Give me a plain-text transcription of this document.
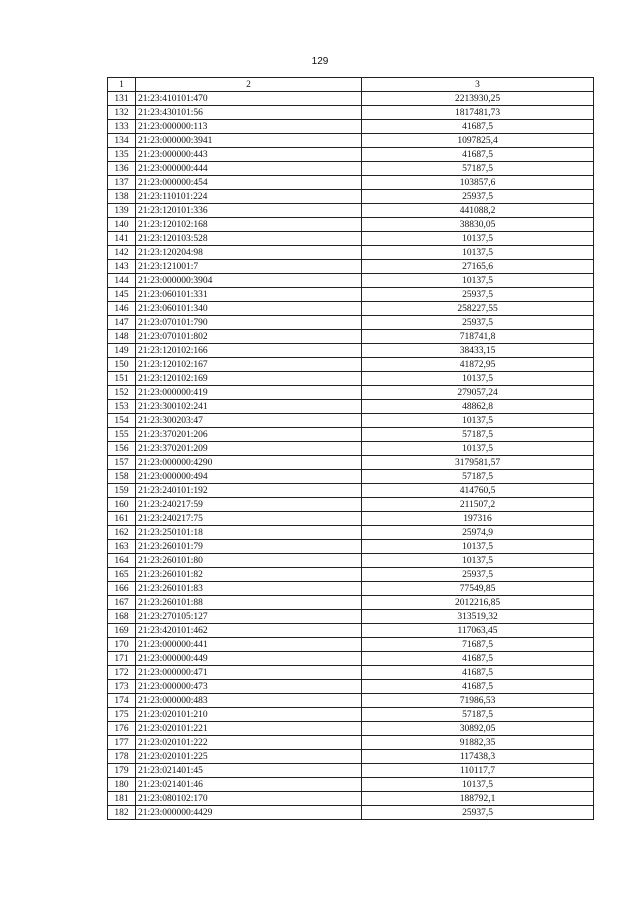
129
1	2	3
131	21:23:410101:470	2213930,25
132	21:23:430101:56	1817481,73
133	21:23:000000:113	41687,5
134	21:23:000000:3941	1097825,4
135	21:23:000000:443	41687,5
136	21:23:000000:444	57187,5
137	21:23:000000:454	103857,6
138	21:23:110101:224	25937,5
139	21:23:120101:336	441088,2
140	21:23:120102:168	38830,05
141	21:23:120103:528	10137,5
142	21:23:120204:98	10137,5
143	21:23:121001:7	27165,6
144	21:23:000000:3904	10137,5
145	21:23:060101:331	25937,5
146	21:23:060101:340	258227,55
147	21:23:070101:790	25937,5
148	21:23:070101:802	718741,8
149	21:23:120102:166	38433,15
150	21:23:120102:167	41872,95
151	21:23:120102:169	10137,5
152	21:23:000000:419	279057,24
153	21:23:300102:241	48862,8
154	21:23:300203:47	10137,5
155	21:23:370201:206	57187,5
156	21:23:370201:209	10137,5
157	21:23:000000:4290	3179581,57
158	21:23:000000:494	57187,5
159	21:23:240101:192	414760,5
160	21:23:240217:59	211507,2
161	21:23:240217:75	197316
162	21:23:250101:18	25974,9
163	21:23:260101:79	10137,5
164	21:23:260101:80	10137,5
165	21:23:260101:82	25937,5
166	21:23:260101:83	77549,85
167	21:23:260101:88	2012216,85
168	21:23:270105:127	313519,32
169	21:23:420101:462	117063,45
170	21:23:000000:441	71687,5
171	21:23:000000:449	41687,5
172	21:23:000000:471	41687,5
173	21:23:000000:473	41687,5
174	21:23:000000:483	71986,53
175	21:23:020101:210	57187,5
176	21:23:020101:221	30892,05
177	21:23:020101:222	91882,35
178	21:23:020101:225	117438,3
179	21:23:021401:45	110117,7
180	21:23:021401:46	10137,5
181	21:23:080102:170	188792,1
182	21:23:000000:4429	25937,5
